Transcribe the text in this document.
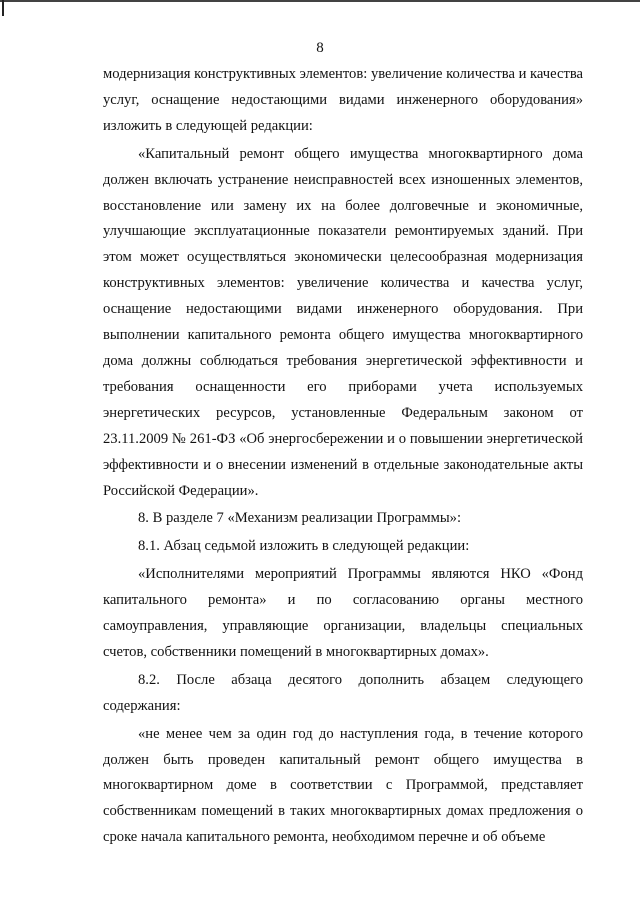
8

модернизация конструктивных элементов: увеличение количества и качества услуг, оснащение недостающими видами инженерного оборудования» изложить в следующей редакции:

«Капитальный ремонт общего имущества многоквартирного дома должен включать устранение неисправностей всех изношенных элементов, восстановление или замену их на более долговечные и экономичные, улучшающие эксплуатационные показатели ремонтируемых зданий. При этом может осуществляться экономически целесообразная модернизация конструктивных элементов: увеличение количества и качества услуг, оснащение недостающими видами инженерного оборудования. При выполнении капитального ремонта общего имущества многоквартирного дома должны соблюдаться требования энергетической эффективности и требования оснащенности его приборами учета используемых энергетических ресурсов, установленные Федеральным законом от 23.11.2009 № 261-ФЗ «Об энергосбережении и о повышении энергетической эффективности и о внесении изменений в отдельные законодательные акты Российской Федерации».

8. В разделе 7 «Механизм реализации Программы»:

8.1. Абзац седьмой изложить в следующей редакции:

«Исполнителями мероприятий Программы являются НКО «Фонд капитального ремонта» и по согласованию органы местного самоуправления, управляющие организации, владельцы специальных счетов, собственники помещений в многоквартирных домах».

8.2. После абзаца десятого дополнить абзацем следующего содержания:

«не менее чем за один год до наступления года, в течение которого должен быть проведен капитальный ремонт общего имущества в многоквартирном доме в соответствии с Программой, представляет собственникам помещений в таких многоквартирных домах предложения о сроке начала капитального ремонта, необходимом перечне и об объеме
